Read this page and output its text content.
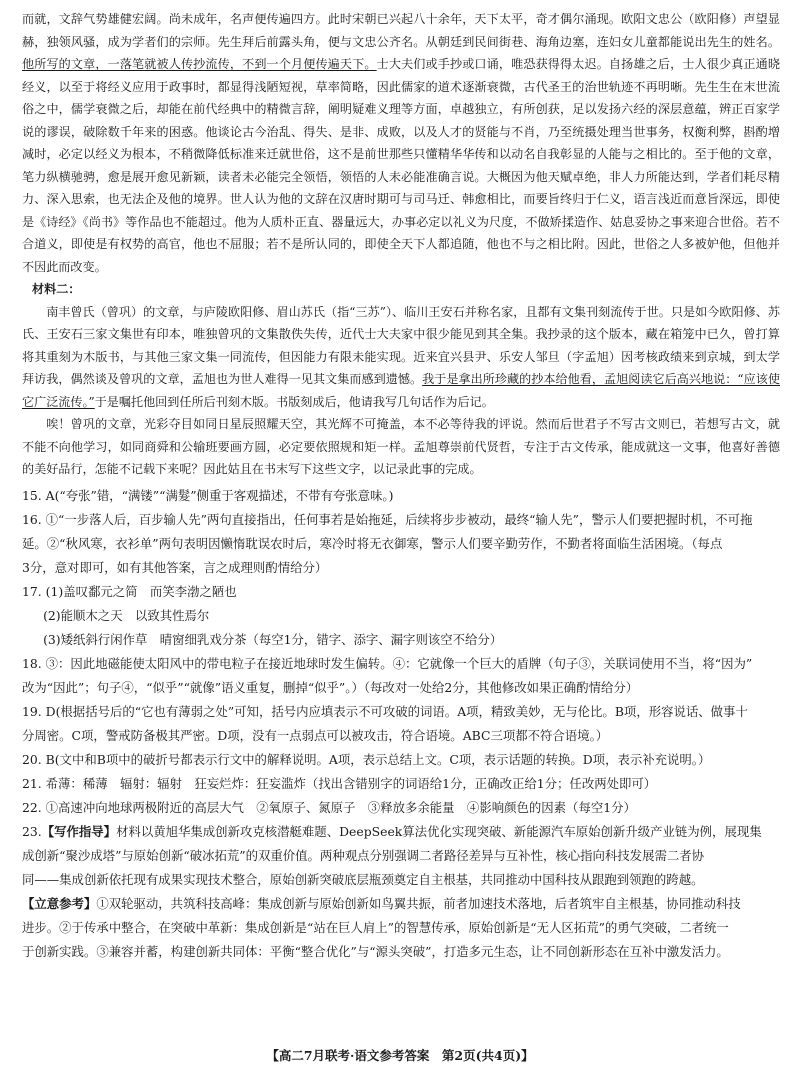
而就，文辞气势雄健宏阔。尚未成年，名声便传遍四方。此时宋朝已兴起八十余年，天下太平，奇才偶尔涌现。欧阳文忠公（欧阳修）声望显赫，独领风骚，成为学者们的宗师。先生拜后前露头角，便与文忠公齐名。从朝廷到民间街巷、海角边塞，连妇女儿童都能说出先生的姓名。他所写的文章，一落笔就被人传抄流传，不到一个月便传遍天下。士大夫们或手抄或口诵，唯恐获得得太迟。自扬雄之后，士人很少真正通晓经义，以至于将经义应用于政事时，都显得浅陋短视，草率简略，因此儒家的道术逐渐衰微，古代圣王的治世轨迹不再明晰。先生生在末世流俗之中，儒学衰微之后，却能在前代经典中的精微言辞，阐明疑难义理等方面，卓越独立，有所创获，足以发扬六经的深层意蕴，辨正百家学说的谬误，破除数千年来的困惑。他谈论古今治乱、得失、是非、成败，以及人才的贤能与不肖，乃至统摄处理当世事务，权衡利弊，斟酌增减时，必定以经义为根本，不稍微降低标准来迁就世俗，这不是前世那些只懂精华华传和以动名自我彰显的人能与之相比的。至于他的文章，笔力纵横驰骋，愈是展开愈见新颖，读者未必能完全领悟，领悟的人未必能准确言说。大概因为他天赋卓绝，非人力所能达到，学者们耗尽精力、深入思索，也无法企及他的境界。世人认为他的文辞在汉唐时期可与司马迁、韩愈相比，而要旨终归于仁义，语言浅近而意旨深远，即使是《诗经》《尚书》等作品也不能超过。他为人质朴正直、器量远大，办事必定以礼义为尺度，不做矫揉造作、姑息妥协之事来迎合世俗。若不合道义，即使是有权势的高官，他也不屈服；若不是所认同的，即使全天下人都追随，他也不与之相比附。因此，世俗之人多被妒他，但他并不因此而改变。

材料二：

南丰曾氏（曾巩）的文章，与庐陵欧阳修、眉山苏氏（指“三苏”）、临川王安石并称名家，且都有文集刊刻流传于世。只是如今欧阳修、苏氏、王安石三家文集世有印本，唯独曾巩的文集散佚失传，近代士大夫家中很少能见到其全集。我抄录的这个版本，藏在箱笼中已久，曾打算将其重刻为木版书，与其他三家文集一同流传，但因能力有限未能实现。近来宜兴县尹、乐安人邹旦（字孟旭）因考核政绩来到京城，到太学拜访我，偶然谈及曾巩的文章，孟旭也为世人难得一见其文集而感到遗憾。我于是拿出所珍藏的抄本给他看，孟旭阅读它后高兴地说：“应该使它广泛流传。”于是嘱托他回到任所后刊刻木版。书版刻成后，他请我写几句话作为后记。

唉！曾巩的文章，光彩夺目如同日星辰照耀天空，其光辉不可掩盖，本不必等待我的评说。然而后世君子不写古文则已，若想写古文，就不能不向他学习，如同商舜和公输班要画方圆，必定要依照规和矩一样。孟旭尊崇前代贤哲，专注于古文传承，能成就这一文事，他喜好善德的美好品行，怎能不记载下来呢？因此姑且在书末写下这些文字，以记录此事的完成。

15. A(“夸张”错，“满镂”“满髮”侧重于客观描述，不带有夸张意味。)

16. ①“一步落人后，百步输人先”两句直接指出，任何事若是始拖延，后续将步步被动，最终“输人先”，警示人们要把握时机，不可拖

延。②“秋风寒，衣衫单”两句表明因懒惰耽误农时后，寒冷时将无衣御寒，警示人们要辛勤劳作，不勤者将面临生活困境。（每点

3分，意对即可，如有其他答案，言之成理则酌情给分）

17. (1)盖叹鄱元之简　而笑李渤之陋也

(2)能顺木之天　以致其性焉尔

(3)矮纸斜行闲作草　晴窗细乳戏分茶（每空1分，错字、添字、漏字则该空不给分）

18. ③：因此地磁能使太阳风中的带电粒子在接近地球时发生偏转。④：它就像一个巨大的盾牌（句子③，关联词使用不当，将“因为”

改为“因此”；句子④，“似乎”“就像”语义重复，删掉“似乎”。）（每改对一处给2分，其他修改如果正确酌情给分）

19. D(根据括号后的“它也有薄弱之处”可知，括号内应填表示不可攻破的词语。A项，精致美妙，无与伦比。B项，形容说话、做事十

分周密。C项，警戒防备极其严密。D项，没有一点弱点可以被攻击，符合语境。ABC三项都不符合语境。）

20. B(文中和B项中的破折号都表示行文中的解释说明。A项，表示总结上文。C项，表示话题的转换。D项，表示补充说明。）

21. 希薄：稀薄　辐射：辐射　狂妄烂炸：狂妄滥炸（找出含错别字的词语给1分，正确改正给1分；任改两处即可）

22. ①高速冲向地球两极附近的高层大气　②氧原子、氮原子　③释放多余能量　④影响颜色的因素（每空1分）

23.【写作指导】材料以黄旭华集成创新攻克核潜艇难题、DeepSeek算法优化实现突破、新能源汽车原始创新升级产业链为例，展现集

成创新“聚沙成塔”与原始创新“破冰拓荒”的双重价值。两种观点分别强调二者路径差异与互补性，核心指向科技发展需二者协

同——集成创新依托现有成果实现技术整合，原始创新突破底层瓶颈奠定自主根基，共同推动中国科技从跟跑到领跑的跨越。

【立意参考】①双轮驱动，共筑科技高峰：集成创新与原始创新如鸟翼共振，前者加速技术落地，后者筑牢自主根基，协同推动科技

进步。②于传承中整合，在突破中革新：集成创新是“站在巨人肩上”的智慧传承，原始创新是“无人区拓荒”的勇气突破，二者统一

于创新实践。③兼容并蓄，构建创新共同体：平衡“整合优化”与“源头突破”，打造多元生态，让不同创新形态在互补中激发活力。

【高二7月联考·语文参考答案　第2页(共4页)】
